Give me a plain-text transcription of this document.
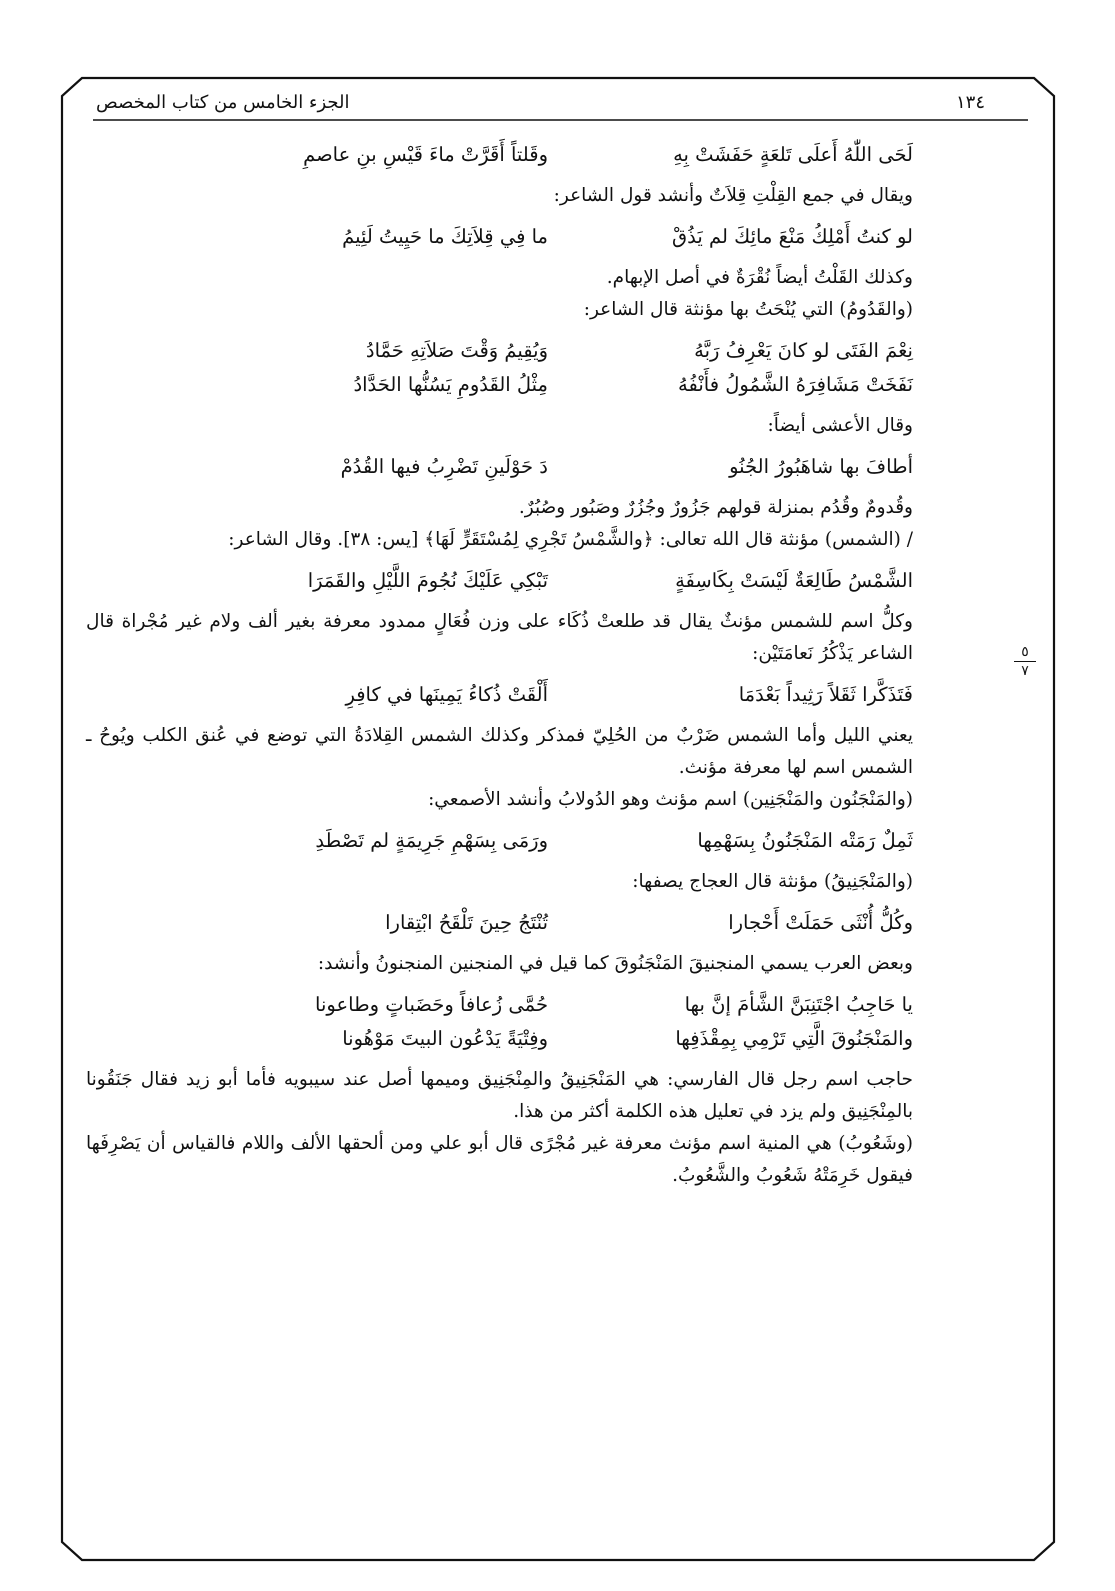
الجزء الخامس من كتاب المخصص	١٣٤
لَحَى اللّٰهُ أَعلَى تَلعَةٍ حَفَشَتْ بِهِ
وقَلتاً أَقَرَّتْ ماءَ قَيْسِ بنِ عاصمِ

ويقال في جمع القِلْتِ قِلاَتٌ وأنشد قول الشاعر:

لو كنتُ أَمْلِكُ مَنْعَ مائِكَ لم يَذُقْ
ما فِي قِلاَتِكَ ما حَيِيتُ لَئِيمُ

وكذلك القَلْتُ أيضاً نُقْرَةٌ في أصل الإبهام.

(والقَدُومُ) التي يُنْحَتُ بها مؤنثة قال الشاعر:

نِعْمَ الفَتَى لو كانَ يَعْرِفُ رَبَّهُ
وَيُقِيمُ وَقْتَ صَلاَتِهِ حَمَّادُ
نَفَخَتْ مَشَافِرَهُ الشَّمُولُ فأَنْفُهُ
مِثْلُ القَدُومِ يَسُنُّها الحَدَّادُ

وقال الأعشى أيضاً:

أطافَ بها شاهَبُورُ الجُنُو
دَ حَوْلَينِ تَضْرِبُ فيها القُدُمْ

وقُدومٌ وقُدُم بمنزلة قولهم جَزُورٌ وجُزُرٌ وصَبُور وصُبُرٌ.

/ (الشمس) مؤنثة قال الله تعالى: ﴿والشَّمْسُ تَجْرِي لِمُسْتَقَرٍّ لَهَا﴾ [يس: ٣٨]. وقال الشاعر:

الشَّمْسُ طَالِعَةٌ لَيْسَتْ بِكَاسِفَةٍ
تَبْكِي عَلَيْكَ نُجُومَ اللَّيْلِ والقَمَرَا

وكلُّ اسم للشمس مؤنثٌ يقال قد طلعتْ ذُكَاء على وزن فُعَالٍ ممدود معرفة بغير ألف ولام غير مُجْراة قال الشاعر يَذْكُرُ نَعامَتَيْن:

فَتَذَكَّرا ثَقَلاً رَثِيداً بَعْدَمَا
أَلْقَتْ ذُكاءُ يَمِينَها في كافِرِ

يعني الليل وأما الشمس ضَرْبٌ من الحُلِيّ فمذكر وكذلك الشمس القِلادَةُ التي توضع في عُنق الكلب ويُوحُ ـ الشمس اسم لها معرفة مؤنث.

(والمَنْجَنُون والمَنْجَنِين) اسم مؤنث وهو الدُولابُ وأنشد الأصمعي:

ثَمِلٌ رَمَتْه المَنْجَنُونُ بِسَهْمِها
ورَمَى بِسَهْمِ جَرِيمَةٍ لم تَصْطَدِ

(والمَنْجَنِيقُ) مؤنثة قال العجاج يصفها:

وكُلُّ أُنْثَى حَمَلَتْ أَحْجارا
تُنْتَجُ حِينَ تَلْقَحُ ابْتِقارا

وبعض العرب يسمي المنجنيقَ المَنْجَنُوقَ كما قيل في المنجنين المنجنونُ وأنشد:

يا حَاجِبُ اجْتَنِبَنَّ الشَّأمَ إنَّ بها
حُمَّى زُعافاً وحَضَباتٍ وطاعونا
والمَنْجَنُوقَ الَّتِي تَرْمِي بِمِقْذَفِها
وفِتْيَةً يَدْعُون البيتَ مَوْهُونا

حاجب اسم رجل قال الفارسي: هي المَنْجَنِيقُ والمِنْجَنِيق وميمها أصل عند سيبويه فأما أبو زيد فقال جَنَقُونا بالمِنْجَنِيق ولم يزد في تعليل هذه الكلمة أكثر من هذا.

(وشَعُوبُ) هي المنية اسم مؤنث معرفة غير مُجْرًى قال أبو علي ومن ألحقها الألف واللام فالقياس أن يَصْرِفَها فيقول خَرِمَتْهُ شَعُوبُ والشَّعُوبُ.

٥
٧
